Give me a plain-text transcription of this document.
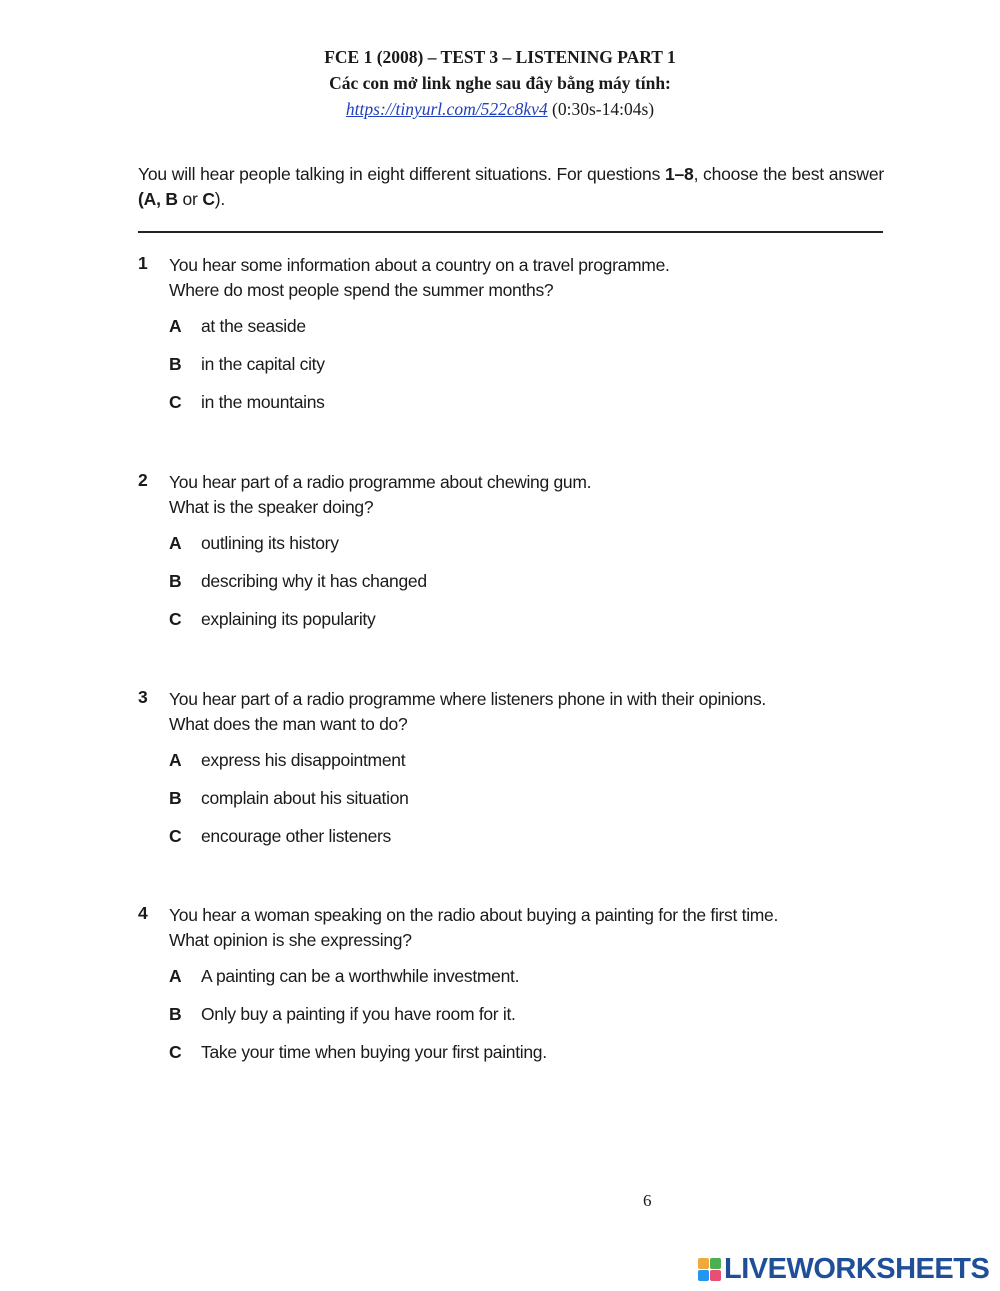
FCE 1 (2008) – TEST 3 – LISTENING PART 1
Các con mở link nghe sau đây bằng máy tính:
https://tinyurl.com/522c8kv4 (0:30s-14:04s)
You will hear people talking in eight different situations. For questions 1–8, choose the best answer (A, B or C).
1 You hear some information about a country on a travel programme.
Where do most people spend the summer months?
A at the seaside
B in the capital city
C in the mountains
2 You hear part of a radio programme about chewing gum.
What is the speaker doing?
A outlining its history
B describing why it has changed
C explaining its popularity
3 You hear part of a radio programme where listeners phone in with their opinions.
What does the man want to do?
A express his disappointment
B complain about his situation
C encourage other listeners
4 You hear a woman speaking on the radio about buying a painting for the first time.
What opinion is she expressing?
A A painting can be a worthwhile investment.
B Only buy a painting if you have room for it.
C Take your time when buying your first painting.
6
LIVEWORKSHEETS
